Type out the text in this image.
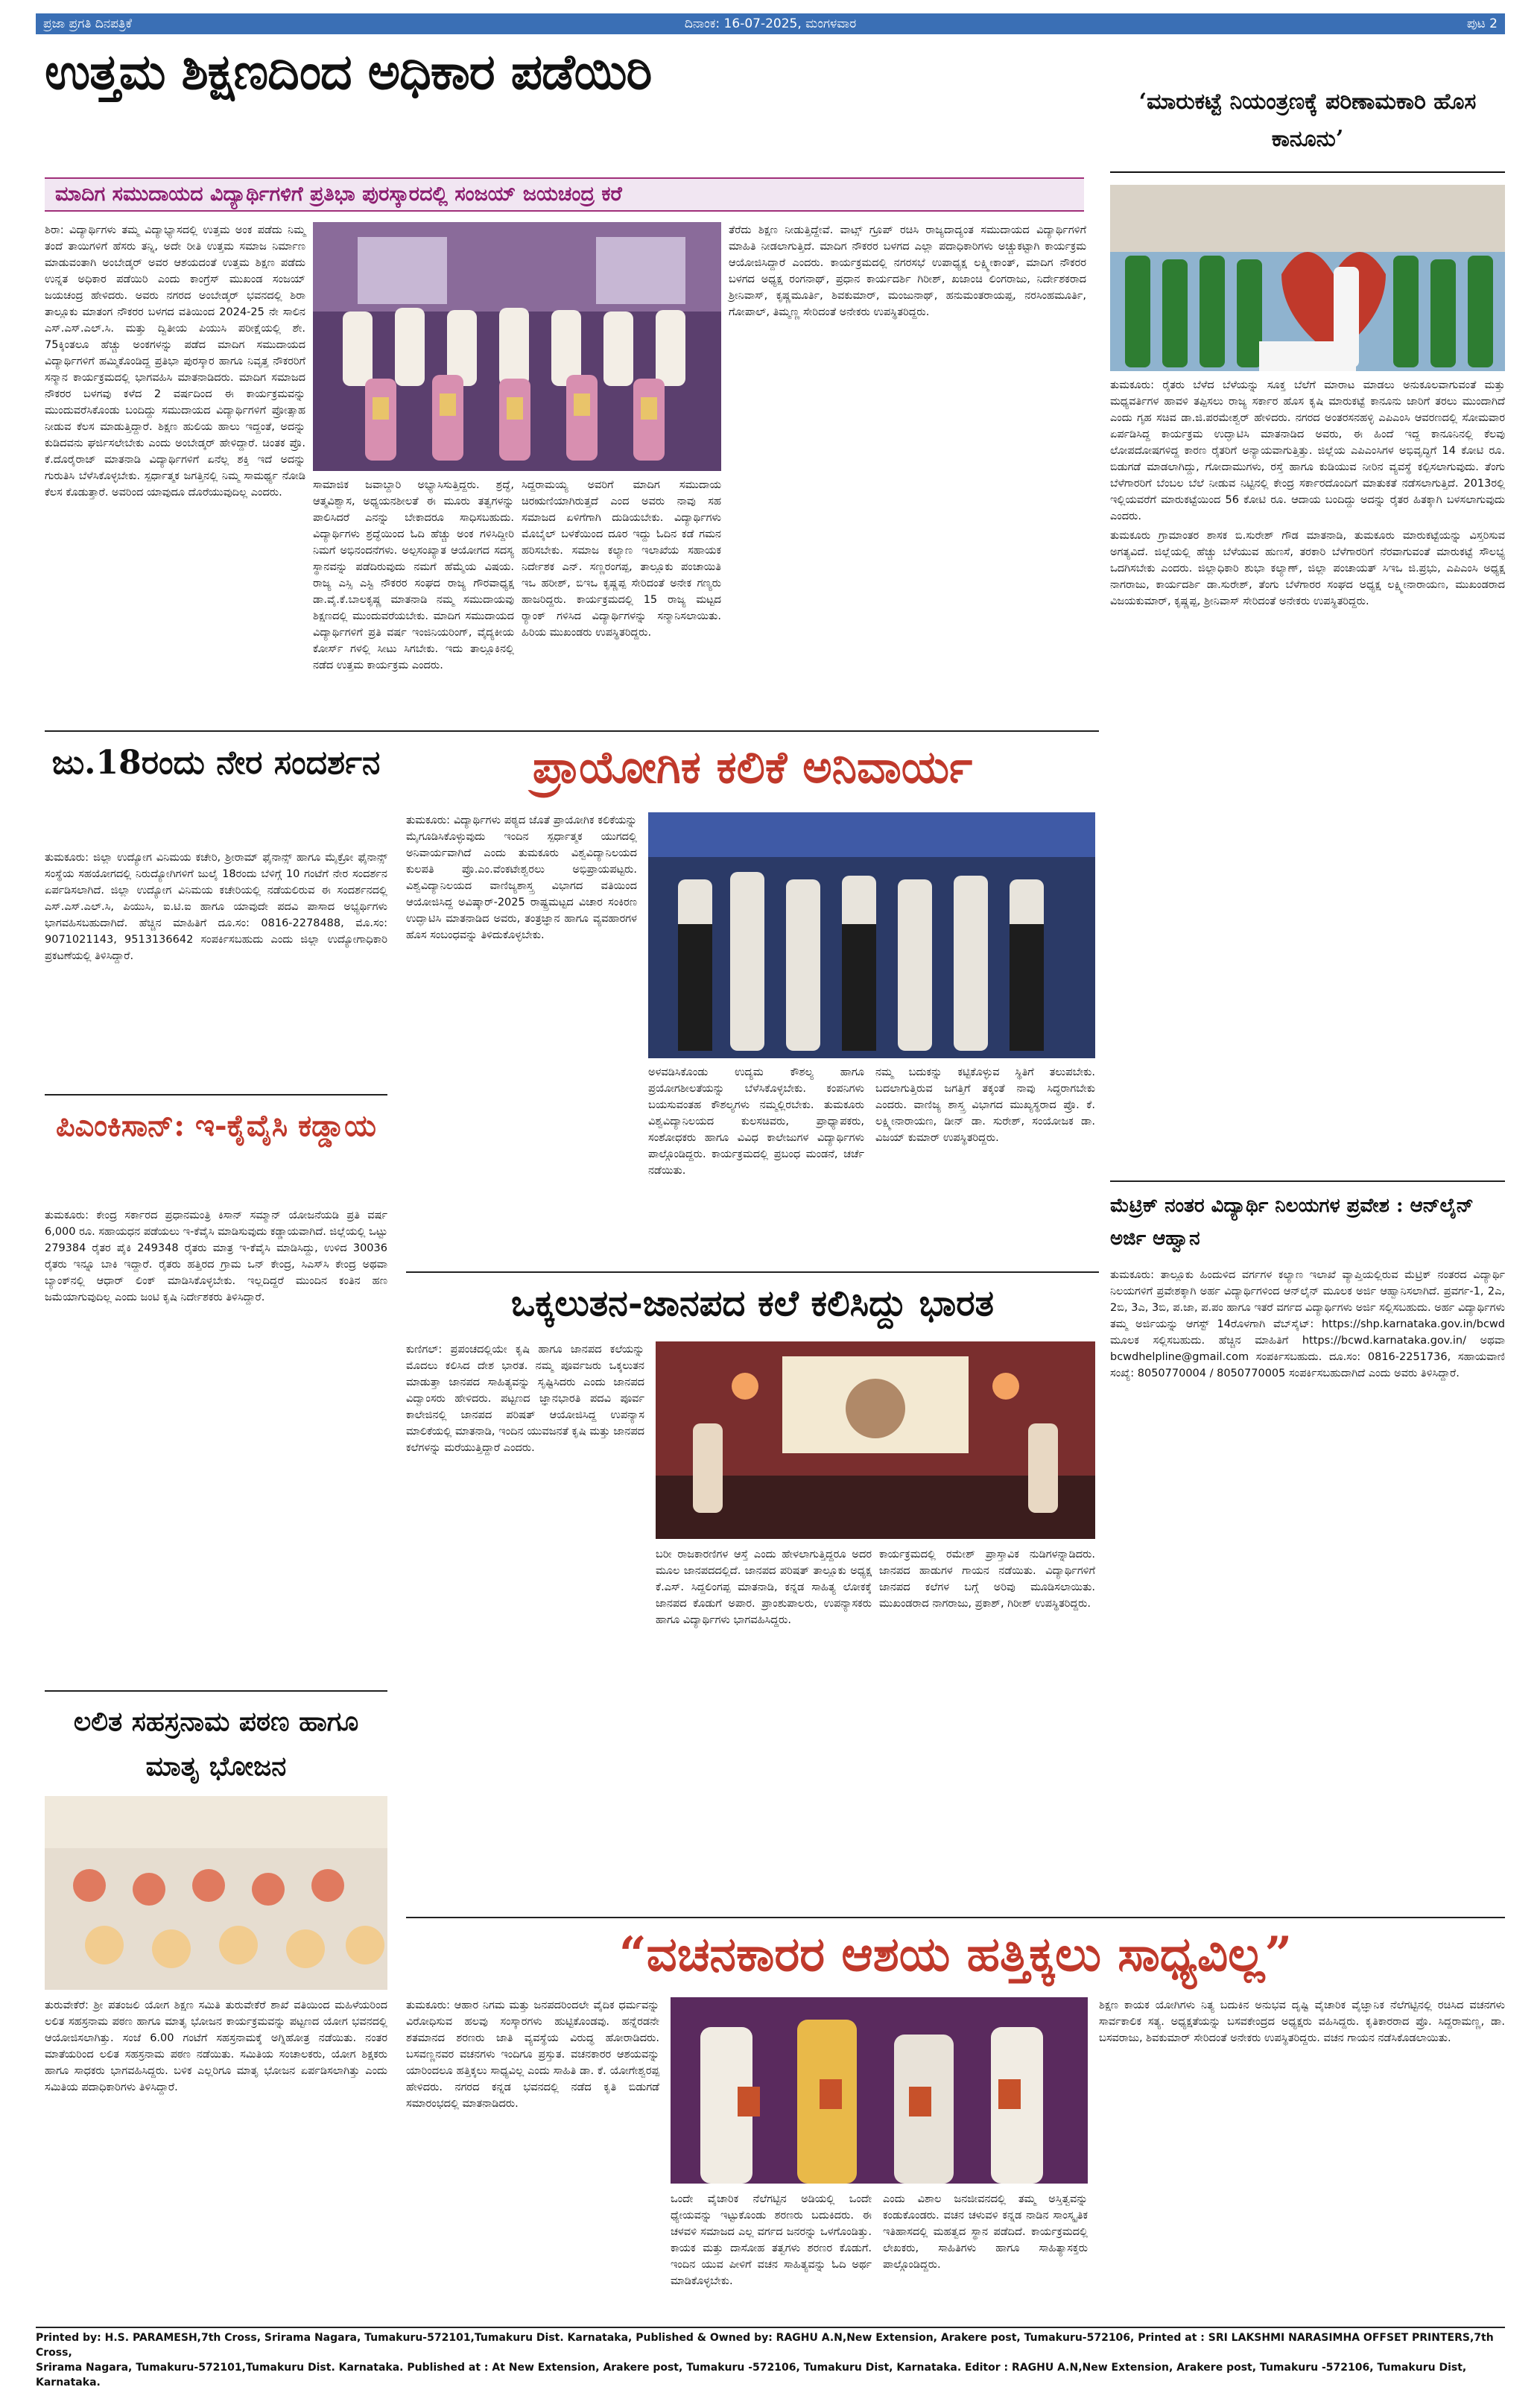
ಪ್ರಜಾ ಪ್ರಗತಿ ದಿನಪತ್ರಿಕೆ	ದಿನಾಂಕ: 16-07-2025, ಮಂಗಳವಾರ	ಪುಟ 2
ಉತ್ತಮ ಶಿಕ್ಷಣದಿಂದ ಅಧಿಕಾರ ಪಡೆಯಿರಿ
ಮಾದಿಗ ಸಮುದಾಯದ ವಿದ್ಯಾರ್ಥಿಗಳಿಗೆ ಪ್ರತಿಭಾ ಪುರಸ್ಕಾರದಲ್ಲಿ ಸಂಜಯ್ ಜಯಚಂದ್ರ ಕರೆ
‘ಮಾರುಕಟ್ಟೆ ನಿಯಂತ್ರಣಕ್ಕೆ ಪರಿಣಾಮಕಾರಿ ಹೊಸ ಕಾನೂನು’

ಶಿರಾ: ವಿದ್ಯಾರ್ಥಿಗಳು ತಮ್ಮ ವಿದ್ಯಾಭ್ಯಾಸದಲ್ಲಿ ಉತ್ತಮ ಅಂಕ ಪಡೆದು ನಿಮ್ಮ ತಂದೆ ತಾಯಿಗಳಿಗೆ ಹೆಸರು ತನ್ನಿ, ಅದೇ ರೀತಿ ಉತ್ತಮ ಸಮಾಜ ನಿರ್ಮಾಣ ಮಾಡುವಂತಾಗಿ ಅಂಬೇಡ್ಕರ್ ಅವರ ಆಶಯದಂತೆ ಉತ್ತಮ ಶಿಕ್ಷಣ ಪಡೆದು ಉನ್ನತ ಅಧಿಕಾರ ಪಡೆಯಿರಿ ಎಂದು ಕಾಂಗ್ರೆಸ್ ಮುಖಂಡ ಸಂಜಯ್ ಜಯಚಂದ್ರ ಹೇಳಿದರು. ಅವರು ನಗರದ ಅಂಬೇಡ್ಕರ್ ಭವನದಲ್ಲಿ ಶಿರಾ ತಾಲ್ಲೂಕು ಮಾತಂಗ ನೌಕರರ ಬಳಗದ ವತಿಯಿಂದ 2024-25 ನೇ ಸಾಲಿನ ಎಸ್.ಎಸ್.ಎಲ್.ಸಿ. ಮತ್ತು ದ್ವಿತೀಯ ಪಿಯುಸಿ ಪರೀಕ್ಷೆಯಲ್ಲಿ ಶೇ. 75ಕ್ಕಿಂತಲೂ ಹೆಚ್ಚು ಅಂಕಗಳನ್ನು ಪಡೆದ ಮಾದಿಗ ಸಮುದಾಯದ ವಿದ್ಯಾರ್ಥಿಗಳಿಗೆ ಹಮ್ಮಿಕೊಂಡಿದ್ದ ಪ್ರತಿಭಾ ಪುರಸ್ಕಾರ ಹಾಗೂ ನಿವೃತ್ತ ನೌಕರರಿಗೆ ಸನ್ಮಾನ ಕಾರ್ಯಕ್ರಮದಲ್ಲಿ ಭಾಗವಹಿಸಿ ಮಾತನಾಡಿದರು. ಮಾದಿಗ ಸಮಾಜದ ನೌಕರರ ಬಳಗವು ಕಳೆದ 2 ವರ್ಷದಿಂದ ಈ ಕಾರ್ಯಕ್ರಮವನ್ನು ಮುಂದುವರೆಸಿಕೊಂಡು ಬಂದಿದ್ದು ಸಮುದಾಯದ ವಿದ್ಯಾರ್ಥಿಗಳಿಗೆ ಪ್ರೋತ್ಸಾಹ ನೀಡುವ ಕೆಲಸ ಮಾಡುತ್ತಿದ್ದಾರೆ. ಶಿಕ್ಷಣ ಹುಲಿಯ ಹಾಲು ಇದ್ದಂತೆ, ಅದನ್ನು ಕುಡಿದವನು ಘರ್ಜಿಸಲೇಬೇಕು ಎಂದು ಅಂಬೇಡ್ಕರ್ ಹೇಳಿದ್ದಾರೆ. ಚಿಂತಕ ಪ್ರೊ. ಕೆ.ದೊರೈರಾಜ್ ಮಾತನಾಡಿ ವಿದ್ಯಾರ್ಥಿಗಳಿಗೆ ಏನೆಲ್ಲ ಶಕ್ತಿ ಇದೆ ಅದನ್ನು ಗುರುತಿಸಿ ಬೆಳೆಸಿಕೊಳ್ಳಬೇಕು. ಸ್ಪರ್ಧಾತ್ಮಕ ಜಗತ್ತಿನಲ್ಲಿ ನಿಮ್ಮ ಸಾಮರ್ಥ್ಯ ನೋಡಿ ಕೆಲಸ ಕೊಡುತ್ತಾರೆ. ಅವರಿಂದ ಯಾವುದೂ ದೊರೆಯುವುದಿಲ್ಲ ಎಂದರು.

ಸಾಮಾಜಿಕ ಜವಾಬ್ದಾರಿ ಅಭ್ಯಾಸಿಸುತ್ತಿದ್ದರು. ಶ್ರದ್ಧೆ, ಆತ್ಮವಿಶ್ವಾಸ, ಅಧ್ಯಯನಶೀಲತೆ ಈ ಮೂರು ತತ್ವಗಳನ್ನು ಪಾಲಿಸಿದರೆ ಎನನ್ನು ಬೇಕಾದರೂ ಸಾಧಿಸಬಹುದು. ವಿದ್ಯಾರ್ಥಿಗಳು ಶ್ರದ್ಧೆಯಿಂದ ಓದಿ ಹೆಚ್ಚು ಅಂಕ ಗಳಿಸಿದ್ದೀರಿ ನಿಮಗೆ ಅಭಿನಂದನೆಗಳು. ಅಲ್ಪಸಂಖ್ಯಾತ ಆಯೋಗದ ಸದಸ್ಯ ಸ್ಥಾನವನ್ನು ಪಡೆದಿರುವುದು ನಮಗೆ ಹೆಮ್ಮೆಯ ವಿಷಯ. ರಾಜ್ಯ ಎಸ್ಸಿ ಎಸ್ಟಿ ನೌಕರರ ಸಂಘದ ರಾಜ್ಯ ಗೌರವಾಧ್ಯಕ್ಷ ಡಾ.ವೈ.ಕೆ.ಬಾಲಕೃಷ್ಣ ಮಾತನಾಡಿ ನಮ್ಮ ಸಮುದಾಯವು ಶಿಕ್ಷಣದಲ್ಲಿ ಮುಂದುವರೆಯಬೇಕು. ಮಾದಿಗ ಸಮುದಾಯದ ವಿದ್ಯಾರ್ಥಿಗಳಿಗೆ ಪ್ರತಿ ವರ್ಷ ಇಂಜಿನಿಯರಿಂಗ್, ವೈದ್ಯಕೀಯ ಕೋರ್ಸ್ ಗಳಲ್ಲಿ ಸೀಟು ಸಿಗಬೇಕು. ಇದು ತಾಲ್ಲೂಕಿನಲ್ಲಿ ನಡೆದ ಉತ್ತಮ ಕಾರ್ಯಕ್ರಮ ಎಂದರು.

ಸಿದ್ದರಾಮಯ್ಯ ಅವರಿಗೆ ಮಾದಿಗ ಸಮುದಾಯ ಚಿರಋಣಿಯಾಗಿರುತ್ತದೆ ಎಂದ ಅವರು ನಾವು ಸಹ ಸಮಾಜದ ಏಳಿಗೆಗಾಗಿ ದುಡಿಯಬೇಕು. ವಿದ್ಯಾರ್ಥಿಗಳು ಮೊಬೈಲ್ ಬಳಕೆಯಿಂದ ದೂರ ಇದ್ದು ಓದಿನ ಕಡೆ ಗಮನ ಹರಿಸಬೇಕು. ಸಮಾಜ ಕಲ್ಯಾಣ ಇಲಾಖೆಯ ಸಹಾಯಕ ನಿರ್ದೇಶಕ ಎನ್. ಸಣ್ಣರಂಗಪ್ಪ, ತಾಲ್ಲೂಕು ಪಂಚಾಯಿತಿ ಇಒ ಹರೀಶ್, ಬಿಇಒ ಕೃಷ್ಣಪ್ಪ ಸೇರಿದಂತೆ ಅನೇಕ ಗಣ್ಯರು ಹಾಜರಿದ್ದರು. ಕಾರ್ಯಕ್ರಮದಲ್ಲಿ 15 ರಾಜ್ಯ ಮಟ್ಟದ ರ‍್ಯಾಂಕ್ ಗಳಿಸಿದ ವಿದ್ಯಾರ್ಥಿಗಳನ್ನು ಸನ್ಮಾನಿಸಲಾಯಿತು. ಹಿರಿಯ ಮುಖಂಡರು ಉಪಸ್ಥಿತರಿದ್ದರು.

ತೆರೆದು ಶಿಕ್ಷಣ ನೀಡುತ್ತಿದ್ದೇವೆ. ವಾಟ್ಸ್ ಗ್ರೂಪ್ ರಚಿಸಿ ರಾಜ್ಯದಾದ್ಯಂತ ಸಮುದಾಯದ ವಿದ್ಯಾರ್ಥಿಗಳಿಗೆ ಮಾಹಿತಿ ನೀಡಲಾಗುತ್ತಿದೆ. ಮಾದಿಗ ನೌಕರರ ಬಳಗದ ಎಲ್ಲಾ ಪದಾಧಿಕಾರಿಗಳು ಅಚ್ಚುಕಟ್ಟಾಗಿ ಕಾರ್ಯಕ್ರಮ ಆಯೋಜಿಸಿದ್ದಾರೆ ಎಂದರು. ಕಾರ್ಯಕ್ರಮದಲ್ಲಿ ನಗರಸಭೆ ಉಪಾಧ್ಯಕ್ಷ ಲಕ್ಷ್ಮೀಕಾಂತ್, ಮಾದಿಗ ನೌಕರರ ಬಳಗದ ಅಧ್ಯಕ್ಷ ರಂಗನಾಥ್, ಪ್ರಧಾನ ಕಾರ್ಯದರ್ಶಿ ಗಿರೀಶ್, ಖಜಾಂಚಿ ಲಿಂಗರಾಜು, ನಿರ್ದೇಶಕರಾದ ಶ್ರೀನಿವಾಸ್, ಕೃಷ್ಣಮೂರ್ತಿ, ಶಿವಕುಮಾರ್, ಮಂಜುನಾಥ್, ಹನುಮಂತರಾಯಪ್ಪ, ನರಸಿಂಹಮೂರ್ತಿ, ಗೋಪಾಲ್, ತಿಮ್ಮಣ್ಣ ಸೇರಿದಂತೆ ಅನೇಕರು ಉಪಸ್ಥಿತರಿದ್ದರು.

ತುಮಕೂರು: ರೈತರು ಬೆಳೆದ ಬೆಳೆಯನ್ನು ಸೂಕ್ತ ಬೆಲೆಗೆ ಮಾರಾಟ ಮಾಡಲು ಅನುಕೂಲವಾಗುವಂತೆ ಮತ್ತು ಮಧ್ಯವರ್ತಿಗಳ ಹಾವಳಿ ತಪ್ಪಿಸಲು ರಾಜ್ಯ ಸರ್ಕಾರ ಹೊಸ ಕೃಷಿ ಮಾರುಕಟ್ಟೆ ಕಾನೂನು ಜಾರಿಗೆ ತರಲು ಮುಂದಾಗಿದೆ ಎಂದು ಗೃಹ ಸಚಿವ ಡಾ.ಜಿ.ಪರಮೇಶ್ವರ್ ಹೇಳಿದರು. ನಗರದ ಅಂತರಸನಹಳ್ಳಿ ಎಪಿಎಂಸಿ ಆವರಣದಲ್ಲಿ ಸೋಮವಾರ ಏರ್ಪಡಿಸಿದ್ದ ಕಾರ್ಯಕ್ರಮ ಉದ್ಘಾಟಿಸಿ ಮಾತನಾಡಿದ ಅವರು, ಈ ಹಿಂದೆ ಇದ್ದ ಕಾನೂನಿನಲ್ಲಿ ಕೆಲವು ಲೋಪದೋಷಗಳಿದ್ದ ಕಾರಣ ರೈತರಿಗೆ ಅನ್ಯಾಯವಾಗುತ್ತಿತ್ತು. ಜಿಲ್ಲೆಯ ಎಪಿಎಂಸಿಗಳ ಅಭಿವೃದ್ಧಿಗೆ 14 ಕೋಟಿ ರೂ. ಬಿಡುಗಡೆ ಮಾಡಲಾಗಿದ್ದು, ಗೋದಾಮುಗಳು, ರಸ್ತೆ ಹಾಗೂ ಕುಡಿಯುವ ನೀರಿನ ವ್ಯವಸ್ಥೆ ಕಲ್ಪಿಸಲಾಗುವುದು. ತೆಂಗು ಬೆಳೆಗಾರರಿಗೆ ಬೆಂಬಲ ಬೆಲೆ ನೀಡುವ ನಿಟ್ಟಿನಲ್ಲಿ ಕೇಂದ್ರ ಸರ್ಕಾರದೊಂದಿಗೆ ಮಾತುಕತೆ ನಡೆಸಲಾಗುತ್ತಿದೆ. 2013ರಲ್ಲಿ ಇಲ್ಲಿಯವರೆಗೆ ಮಾರುಕಟ್ಟೆಯಿಂದ 56 ಕೋಟಿ ರೂ. ಆದಾಯ ಬಂದಿದ್ದು ಅದನ್ನು ರೈತರ ಹಿತಕ್ಕಾಗಿ ಬಳಸಲಾಗುವುದು ಎಂದರು.

ತುಮಕೂರು ಗ್ರಾಮಾಂತರ ಶಾಸಕ ಬಿ.ಸುರೇಶ್ ಗೌಡ ಮಾತನಾಡಿ, ತುಮಕೂರು ಮಾರುಕಟ್ಟೆಯನ್ನು ವಿಸ್ತರಿಸುವ ಅಗತ್ಯವಿದೆ. ಜಿಲ್ಲೆಯಲ್ಲಿ ಹೆಚ್ಚು ಬೆಳೆಯುವ ಹುಣಸೆ, ತರಕಾರಿ ಬೆಳೆಗಾರರಿಗೆ ನೆರವಾಗುವಂತೆ ಮಾರುಕಟ್ಟೆ ಸೌಲಭ್ಯ ಒದಗಿಸಬೇಕು ಎಂದರು. ಜಿಲ್ಲಾಧಿಕಾರಿ ಶುಭಾ ಕಲ್ಯಾಣ್, ಜಿಲ್ಲಾ ಪಂಚಾಯತ್ ಸಿಇಒ ಜಿ.ಪ್ರಭು, ಎಪಿಎಂಸಿ ಅಧ್ಯಕ್ಷ ನಾಗರಾಜು, ಕಾರ್ಯದರ್ಶಿ ಡಾ.ಸುರೇಶ್, ತೆಂಗು ಬೆಳೆಗಾರರ ಸಂಘದ ಅಧ್ಯಕ್ಷ ಲಕ್ಷ್ಮೀನಾರಾಯಣ, ಮುಖಂಡರಾದ ವಿಜಯಕುಮಾರ್, ಕೃಷ್ಣಪ್ಪ, ಶ್ರೀನಿವಾಸ್ ಸೇರಿದಂತೆ ಅನೇಕರು ಉಪಸ್ಥಿತರಿದ್ದರು.

ಜು.18ರಂದು ನೇರ ಸಂದರ್ಶನ

ತುಮಕೂರು: ಜಿಲ್ಲಾ ಉದ್ಯೋಗ ವಿನಿಮಯ ಕಚೇರಿ, ಶ್ರೀರಾಮ್ ಫೈನಾನ್ಸ್ ಹಾಗೂ ಮೈಕ್ರೋ ಫೈನಾನ್ಸ್ ಸಂಸ್ಥೆಯ ಸಹಯೋಗದಲ್ಲಿ ನಿರುದ್ಯೋಗಿಗಳಿಗೆ ಜುಲೈ 18ರಂದು ಬೆಳಿಗ್ಗೆ 10 ಗಂಟೆಗೆ ನೇರ ಸಂದರ್ಶನ ಏರ್ಪಡಿಸಲಾಗಿದೆ. ಜಿಲ್ಲಾ ಉದ್ಯೋಗ ವಿನಿಮಯ ಕಚೇರಿಯಲ್ಲಿ ನಡೆಯಲಿರುವ ಈ ಸಂದರ್ಶನದಲ್ಲಿ ಎಸ್.ಎಸ್.ಎಲ್.ಸಿ, ಪಿಯುಸಿ, ಐ.ಟಿ.ಐ ಹಾಗೂ ಯಾವುದೇ ಪದವಿ ಪಾಸಾದ ಅಭ್ಯರ್ಥಿಗಳು ಭಾಗವಹಿಸಬಹುದಾಗಿದೆ. ಹೆಚ್ಚಿನ ಮಾಹಿತಿಗೆ ದೂ.ಸಂ: 0816-2278488, ಮೊ.ಸಂ: 9071021143, 9513136642 ಸಂಪರ್ಕಿಸಬಹುದು ಎಂದು ಜಿಲ್ಲಾ ಉದ್ಯೋಗಾಧಿಕಾರಿ ಪ್ರಕಟಣೆಯಲ್ಲಿ ತಿಳಿಸಿದ್ದಾರೆ.

ಪಿಎಂಕಿಸಾನ್: ಇ-ಕೈವೈಸಿ ಕಡ್ಡಾಯ

ತುಮಕೂರು: ಕೇಂದ್ರ ಸರ್ಕಾರದ ಪ್ರಧಾನಮಂತ್ರಿ ಕಿಸಾನ್ ಸಮ್ಮಾನ್ ಯೋಜನೆಯಡಿ ಪ್ರತಿ ವರ್ಷ 6,000 ರೂ. ಸಹಾಯಧನ ಪಡೆಯಲು ಇ-ಕೆವೈಸಿ ಮಾಡಿಸುವುದು ಕಡ್ಡಾಯವಾಗಿದೆ. ಜಿಲ್ಲೆಯಲ್ಲಿ ಒಟ್ಟು 279384 ರೈತರ ಪೈಕಿ 249348 ರೈತರು ಮಾತ್ರ ಇ-ಕೆವೈಸಿ ಮಾಡಿಸಿದ್ದು, ಉಳಿದ 30036 ರೈತರು ಇನ್ನೂ ಬಾಕಿ ಇದ್ದಾರೆ. ರೈತರು ಹತ್ತಿರದ ಗ್ರಾಮ ಒನ್ ಕೇಂದ್ರ, ಸಿಎಸ್‌ಸಿ ಕೇಂದ್ರ ಅಥವಾ ಬ್ಯಾಂಕ್‌ನಲ್ಲಿ ಆಧಾರ್ ಲಿಂಕ್ ಮಾಡಿಸಿಕೊಳ್ಳಬೇಕು. ಇಲ್ಲದಿದ್ದರೆ ಮುಂದಿನ ಕಂತಿನ ಹಣ ಜಮೆಯಾಗುವುದಿಲ್ಲ ಎಂದು ಜಂಟಿ ಕೃಷಿ ನಿರ್ದೇಶಕರು ತಿಳಿಸಿದ್ದಾರೆ.

ಲಲಿತ ಸಹಸ್ರನಾಮ ಪಠಣ ಹಾಗೂ ಮಾತೃ ಭೋಜನ

ತುರುವೇಕೆರೆ: ಶ್ರೀ ಪತಂಜಲಿ ಯೋಗ ಶಿಕ್ಷಣ ಸಮಿತಿ ತುರುವೇಕೆರೆ ಶಾಖೆ ವತಿಯಿಂದ ಮಹಿಳೆಯರಿಂದ ಲಲಿತ ಸಹಸ್ರನಾಮ ಪಠಣ ಹಾಗೂ ಮಾತೃ ಭೋಜನ ಕಾರ್ಯಕ್ರಮವನ್ನು ಪಟ್ಟಣದ ಯೋಗ ಭವನದಲ್ಲಿ ಆಯೋಜಿಸಲಾಗಿತ್ತು. ಸಂಜೆ 6.00 ಗಂಟೆಗೆ ಸಹಸ್ರನಾಮಕ್ಕೆ ಅಗ್ನಿಹೋತ್ರ ನಡೆಯಿತು. ನಂತರ ಮಾತೆಯರಿಂದ ಲಲಿತ ಸಹಸ್ರನಾಮ ಪಠಣ ನಡೆಯಿತು. ಸಮಿತಿಯ ಸಂಚಾಲಕರು, ಯೋಗ ಶಿಕ್ಷಕರು ಹಾಗೂ ಸಾಧಕರು ಭಾಗವಹಿಸಿದ್ದರು. ಬಳಿಕ ಎಲ್ಲರಿಗೂ ಮಾತೃ ಭೋಜನ ಏರ್ಪಡಿಸಲಾಗಿತ್ತು ಎಂದು ಸಮಿತಿಯ ಪದಾಧಿಕಾರಿಗಳು ತಿಳಿಸಿದ್ದಾರೆ.

ಪ್ರಾಯೋಗಿಕ ಕಲಿಕೆ ಅನಿವಾರ್ಯ

ತುಮಕೂರು: ವಿದ್ಯಾರ್ಥಿಗಳು ಪಠ್ಯದ ಜೊತೆ ಪ್ರಾಯೋಗಿಕ ಕಲಿಕೆಯನ್ನು ಮೈಗೂಡಿಸಿಕೊಳ್ಳುವುದು ಇಂದಿನ ಸ್ಪರ್ಧಾತ್ಮಕ ಯುಗದಲ್ಲಿ ಅನಿವಾರ್ಯವಾಗಿದೆ ಎಂದು ತುಮಕೂರು ವಿಶ್ವವಿದ್ಯಾನಿಲಯದ ಕುಲಪತಿ ಪ್ರೊ.ಎಂ.ವೆಂಕಟೇಶ್ವರಲು ಅಭಿಪ್ರಾಯಪಟ್ಟರು. ವಿಶ್ವವಿದ್ಯಾನಿಲಯದ ವಾಣಿಜ್ಯಶಾಸ್ತ್ರ ವಿಭಾಗದ ವತಿಯಿಂದ ಆಯೋಜಿಸಿದ್ದ ಅವಿಷ್ಕಾರ್-2025 ರಾಷ್ಟ್ರಮಟ್ಟದ ವಿಚಾರ ಸಂಕಿರಣ ಉದ್ಘಾಟಿಸಿ ಮಾತನಾಡಿದ ಅವರು, ತಂತ್ರಜ್ಞಾನ ಹಾಗೂ ವ್ಯವಹಾರಗಳ ಹೊಸ ಸಂಬಂಧವನ್ನು ತಿಳಿದುಕೊಳ್ಳಬೇಕು.

ಅಳವಡಿಸಿಕೊಂಡು ಉದ್ಯಮ ಕೌಶಲ್ಯ ಹಾಗೂ ಪ್ರಯೋಗಶೀಲತೆಯನ್ನು ಬೆಳೆಸಿಕೊಳ್ಳಬೇಕು. ಕಂಪನಿಗಳು ಬಯಸುವಂತಹ ಕೌಶಲ್ಯಗಳು ನಮ್ಮಲ್ಲಿರಬೇಕು. ತುಮಕೂರು ವಿಶ್ವವಿದ್ಯಾನಿಲಯದ ಕುಲಸಚಿವರು, ಪ್ರಾಧ್ಯಾಪಕರು, ಸಂಶೋಧಕರು ಹಾಗೂ ವಿವಿಧ ಕಾಲೇಜುಗಳ ವಿದ್ಯಾರ್ಥಿಗಳು ಪಾಲ್ಗೊಂಡಿದ್ದರು. ಕಾರ್ಯಕ್ರಮದಲ್ಲಿ ಪ್ರಬಂಧ ಮಂಡನೆ, ಚರ್ಚೆ ನಡೆಯಿತು.

ನಮ್ಮ ಬದುಕನ್ನು ಕಟ್ಟಿಕೊಳ್ಳುವ ಸ್ಥಿತಿಗೆ ತಲುಪಬೇಕು. ಬದಲಾಗುತ್ತಿರುವ ಜಗತ್ತಿಗೆ ತಕ್ಕಂತೆ ನಾವು ಸಿದ್ಧರಾಗಬೇಕು ಎಂದರು. ವಾಣಿಜ್ಯ ಶಾಸ್ತ್ರ ವಿಭಾಗದ ಮುಖ್ಯಸ್ಥರಾದ ಪ್ರೊ. ಕೆ. ಲಕ್ಷ್ಮೀನಾರಾಯಣ, ಡೀನ್ ಡಾ. ಸುರೇಶ್, ಸಂಯೋಜಕ ಡಾ. ವಿಜಯ್ ಕುಮಾರ್ ಉಪಸ್ಥಿತರಿದ್ದರು.

ಒಕ್ಕಲುತನ-ಜಾನಪದ ಕಲೆ ಕಲಿಸಿದ್ದು ಭಾರತ

ಕುಣಿಗಲ್: ಪ್ರಪಂಚದಲ್ಲಿಯೇ ಕೃಷಿ ಹಾಗೂ ಜಾನಪದ ಕಲೆಯನ್ನು ಮೊದಲು ಕಲಿಸಿದ ದೇಶ ಭಾರತ. ನಮ್ಮ ಪೂರ್ವಜರು ಒಕ್ಕಲುತನ ಮಾಡುತ್ತಾ ಜಾನಪದ ಸಾಹಿತ್ಯವನ್ನು ಸೃಷ್ಟಿಸಿದರು ಎಂದು ಜಾನಪದ ವಿದ್ವಾಂಸರು ಹೇಳಿದರು. ಪಟ್ಟಣದ ಜ್ಞಾನಭಾರತಿ ಪದವಿ ಪೂರ್ವ ಕಾಲೇಜಿನಲ್ಲಿ ಜಾನಪದ ಪರಿಷತ್ ಆಯೋಜಿಸಿದ್ದ ಉಪನ್ಯಾಸ ಮಾಲಿಕೆಯಲ್ಲಿ ಮಾತನಾಡಿ, ಇಂದಿನ ಯುವಜನತೆ ಕೃಷಿ ಮತ್ತು ಜಾನಪದ ಕಲೆಗಳನ್ನು ಮರೆಯುತ್ತಿದ್ದಾರೆ ಎಂದರು.

ಬರೀ ರಾಜಕಾರಣಿಗಳ ಆಸ್ತೆ ಎಂದು ಹೇಳಲಾಗುತ್ತಿದ್ದರೂ ಅದರ ಮೂಲ ಜಾನಪದದಲ್ಲಿದೆ. ಜಾನಪದ ಪರಿಷತ್ ತಾಲ್ಲೂಕು ಅಧ್ಯಕ್ಷ ಕೆ.ಎಸ್. ಸಿದ್ದಲಿಂಗಪ್ಪ ಮಾತನಾಡಿ, ಕನ್ನಡ ಸಾಹಿತ್ಯ ಲೋಕಕ್ಕೆ ಜಾನಪದ ಕೊಡುಗೆ ಅಪಾರ. ಪ್ರಾಂಶುಪಾಲರು, ಉಪನ್ಯಾಸಕರು ಹಾಗೂ ವಿದ್ಯಾರ್ಥಿಗಳು ಭಾಗವಹಿಸಿದ್ದರು.

ಕಾರ್ಯಕ್ರಮದಲ್ಲಿ ರಮೇಶ್ ಪ್ರಾಸ್ತಾವಿಕ ನುಡಿಗಳನ್ನಾಡಿದರು. ಜಾನಪದ ಹಾಡುಗಳ ಗಾಯನ ನಡೆಯಿತು. ವಿದ್ಯಾರ್ಥಿಗಳಿಗೆ ಜಾನಪದ ಕಲೆಗಳ ಬಗ್ಗೆ ಅರಿವು ಮೂಡಿಸಲಾಯಿತು. ಮುಖಂಡರಾದ ನಾಗರಾಜು, ಪ್ರಕಾಶ್, ಗಿರೀಶ್ ಉಪಸ್ಥಿತರಿದ್ದರು.

ಮೆಟ್ರಿಕ್ ನಂತರ ವಿದ್ಯಾರ್ಥಿ ನಿಲಯಗಳ ಪ್ರವೇಶ : ಆನ್‌ಲೈನ್ ಅರ್ಜಿ ಆಹ್ವಾನ

ತುಮಕೂರು: ತಾಲ್ಲೂಕು ಹಿಂದುಳಿದ ವರ್ಗಗಳ ಕಲ್ಯಾಣ ಇಲಾಖೆ ವ್ಯಾಪ್ತಿಯಲ್ಲಿರುವ ಮೆಟ್ರಿಕ್ ನಂತರದ ವಿದ್ಯಾರ್ಥಿ ನಿಲಯಗಳಿಗೆ ಪ್ರವೇಶಕ್ಕಾಗಿ ಅರ್ಹ ವಿದ್ಯಾರ್ಥಿಗಳಿಂದ ಆನ್‌ಲೈನ್ ಮೂಲಕ ಅರ್ಜಿ ಆಹ್ವಾನಿಸಲಾಗಿದೆ. ಪ್ರವರ್ಗ-1, 2ಎ, 2ಬಿ, 3ಎ, 3ಬಿ, ಪ.ಜಾ, ಪ.ಪಂ ಹಾಗೂ ಇತರೆ ವರ್ಗದ ವಿದ್ಯಾರ್ಥಿಗಳು ಅರ್ಜಿ ಸಲ್ಲಿಸಬಹುದು. ಅರ್ಹ ವಿದ್ಯಾರ್ಥಿಗಳು ತಮ್ಮ ಅರ್ಜಿಯನ್ನು ಆಗಸ್ಟ್ 14ರೊಳಗಾಗಿ ವೆಬ್‌ಸೈಟ್: https://shp.karnataka.gov.in/bcwd ಮೂಲಕ ಸಲ್ಲಿಸಬಹುದು. ಹೆಚ್ಚಿನ ಮಾಹಿತಿಗೆ https://bcwd.karnataka.gov.in/ ಅಥವಾ bcwdhelpline@gmail.com ಸಂಪರ್ಕಿಸಬಹುದು. ದೂ.ಸಂ: 0816-2251736, ಸಹಾಯವಾಣಿ ಸಂಖ್ಯೆ: 8050770004 / 8050770005 ಸಂಪರ್ಕಿಸಬಹುದಾಗಿದೆ ಎಂದು ಅವರು ತಿಳಿಸಿದ್ದಾರೆ.

“ವಚನಕಾರರ ಆಶಯ ಹತ್ತಿಕ್ಕಲು ಸಾಧ್ಯವಿಲ್ಲ”

ತುಮಕೂರು: ಆಹಾರ ನಿಗಮ ಮತ್ತು ಜನಪದರಿಂದಲೇ ವೈದಿಕ ಧರ್ಮವನ್ನು ವಿರೋಧಿಸುವ ಹಲವು ಸಂಸ್ಕಾರಗಳು ಹುಟ್ಟಿಕೊಂಡವು. ಹನ್ನೆರಡನೇ ಶತಮಾನದ ಶರಣರು ಜಾತಿ ವ್ಯವಸ್ಥೆಯ ವಿರುದ್ಧ ಹೋರಾಡಿದರು. ಬಸವಣ್ಣನವರ ವಚನಗಳು ಇಂದಿಗೂ ಪ್ರಸ್ತುತ. ವಚನಕಾರರ ಆಶಯವನ್ನು ಯಾರಿಂದಲೂ ಹತ್ತಿಕ್ಕಲು ಸಾಧ್ಯವಿಲ್ಲ ಎಂದು ಸಾಹಿತಿ ಡಾ. ಕೆ. ಯೋಗೇಶ್ವರಪ್ಪ ಹೇಳಿದರು. ನಗರದ ಕನ್ನಡ ಭವನದಲ್ಲಿ ನಡೆದ ಕೃತಿ ಬಿಡುಗಡೆ ಸಮಾರಂಭದಲ್ಲಿ ಮಾತನಾಡಿದರು.

ಒಂದೇ ವೈಚಾರಿಕ ನೆಲೆಗಟ್ಟಿನ ಅಡಿಯಲ್ಲಿ ಒಂದೇ ಧ್ಯೇಯವನ್ನು ಇಟ್ಟುಕೊಂಡು ಶರಣರು ಬದುಕಿದರು. ಈ ಚಳವಳಿ ಸಮಾಜದ ಎಲ್ಲ ವರ್ಗದ ಜನರನ್ನು ಒಳಗೊಂಡಿತ್ತು. ಕಾಯಕ ಮತ್ತು ದಾಸೋಹ ತತ್ವಗಳು ಶರಣರ ಕೊಡುಗೆ. ಇಂದಿನ ಯುವ ಪೀಳಿಗೆ ವಚನ ಸಾಹಿತ್ಯವನ್ನು ಓದಿ ಅರ್ಥ ಮಾಡಿಕೊಳ್ಳಬೇಕು.

ಎಂದು ವಿಶಾಲ ಜನಜೀವನದಲ್ಲಿ ತಮ್ಮ ಅಸ್ತಿತ್ವವನ್ನು ಕಂಡುಕೊಂಡರು. ವಚನ ಚಳುವಳಿ ಕನ್ನಡ ನಾಡಿನ ಸಾಂಸ್ಕೃತಿಕ ಇತಿಹಾಸದಲ್ಲಿ ಮಹತ್ವದ ಸ್ಥಾನ ಪಡೆದಿದೆ. ಕಾರ್ಯಕ್ರಮದಲ್ಲಿ ಲೇಖಕರು, ಸಾಹಿತಿಗಳು ಹಾಗೂ ಸಾಹಿತ್ಯಾಸಕ್ತರು ಪಾಲ್ಗೊಂಡಿದ್ದರು.

ಶಿಕ್ಷಣ ಕಾಯಕ ಯೋಗಿಗಳು ನಿತ್ಯ ಬದುಕಿನ ಅನುಭವ ದೃಷ್ಟಿ ವೈಚಾರಿಕ ವೈಜ್ಞಾನಿಕ ನೆಲೆಗಟ್ಟಿನಲ್ಲಿ ರಚಿಸಿದ ವಚನಗಳು ಸಾರ್ವಕಾಲಿಕ ಸತ್ಯ. ಅಧ್ಯಕ್ಷತೆಯನ್ನು ಬಸವಕೇಂದ್ರದ ಅಧ್ಯಕ್ಷರು ವಹಿಸಿದ್ದರು. ಕೃತಿಕಾರರಾದ ಪ್ರೊ. ಸಿದ್ದರಾಮಣ್ಣ, ಡಾ. ಬಸವರಾಜು, ಶಿವಕುಮಾರ್ ಸೇರಿದಂತೆ ಅನೇಕರು ಉಪಸ್ಥಿತರಿದ್ದರು. ವಚನ ಗಾಯನ ನಡೆಸಿಕೊಡಲಾಯಿತು.

Printed by: H.S. PARAMESH,7th Cross, Srirama Nagara, Tumakuru-572101,Tumakuru Dist. Karnataka, Published & Owned by: RAGHU A.N,New Extension, Arakere post, Tumakuru-572106, Printed at : SRI LAKSHMI NARASIMHA OFFSET PRINTERS,7th Cross,
Srirama Nagara, Tumakuru-572101,Tumakuru Dist. Karnataka. Published at : At New Extension, Arakere post, Tumakuru -572106, Tumakuru Dist, Karnataka. Editor : RAGHU A.N,New Extension, Arakere post, Tumakuru -572106, Tumakuru Dist, Karnataka.
